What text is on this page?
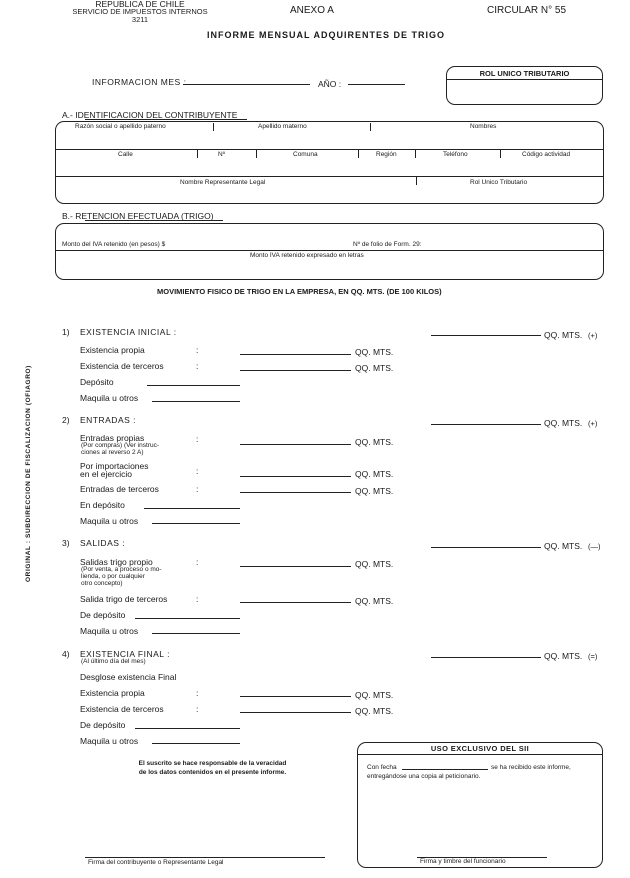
REPUBLICA DE CHILE
SERVICIO DE IMPUESTOS INTERNOS
3211
ANEXO A	CIRCULAR N° 55
INFORME MENSUAL ADQUIRENTES DE TRIGO
INFORMACION MES :	AÑO :
ROL UNICO TRIBUTARIO
A.- IDENTIFICACION DEL CONTRIBUYENTE
Razón social o apellido paterno	Apellido materno	Nombres
Calle	Nº	Comuna	Región	Teléfono	Código actividad
Nombre Representante Legal	Rol Unico Tributario
B.- RETENCION EFECTUADA (TRIGO)
Monto del IVA retenido (en pesos) $	Nº de folio de Form. 29:
Monto IVA retenido expresado en letras
MOVIMIENTO FISICO DE TRIGO EN LA EMPRESA, EN QQ. MTS. (DE 100 KILOS)
ORIGINAL : SUBDIRECCION DE FISCALIZACION (OFIAGRO)
1) EXISTENCIA INICIAL :	QQ. MTS. (+)
Existencia propia	:	QQ. MTS.
Existencia de terceros	:	QQ. MTS.
Depósito
Maquila u otros
2) ENTRADAS :	QQ. MTS. (+)
Entradas propias
(Por compras) (Ver instruc-
ciones al reverso 2 A)
:	QQ. MTS.
Por importaciones
en el ejercicio	:	QQ. MTS.
Entradas de terceros	:	QQ. MTS.
En depósito
Maquila u otros
3) SALIDAS :	QQ. MTS. (—)
Salidas trigo propio
(Por venta, a proceso o mo-
lienda, o por cualquier
otro concepto)
:	QQ. MTS.
Salida trigo de terceros	:	QQ. MTS.
De depósito
Maquila u otros
4) EXISTENCIA FINAL :
(Al último día del mes)
QQ. MTS. (=)
Desglose existencia Final
Existencia propia	:	QQ. MTS.
Existencia de terceros	:	QQ. MTS.
De depósito
Maquila u otros
El suscrito se hace responsable de la veracidad
de los datos contenidos en el presente informe.
USO EXCLUSIVO DEL SII
Con fecha	se ha recibido este informe,
entregándose una copia al peticionario.
Firma y timbre del funcionario
Firma del contribuyente o Representante Legal
